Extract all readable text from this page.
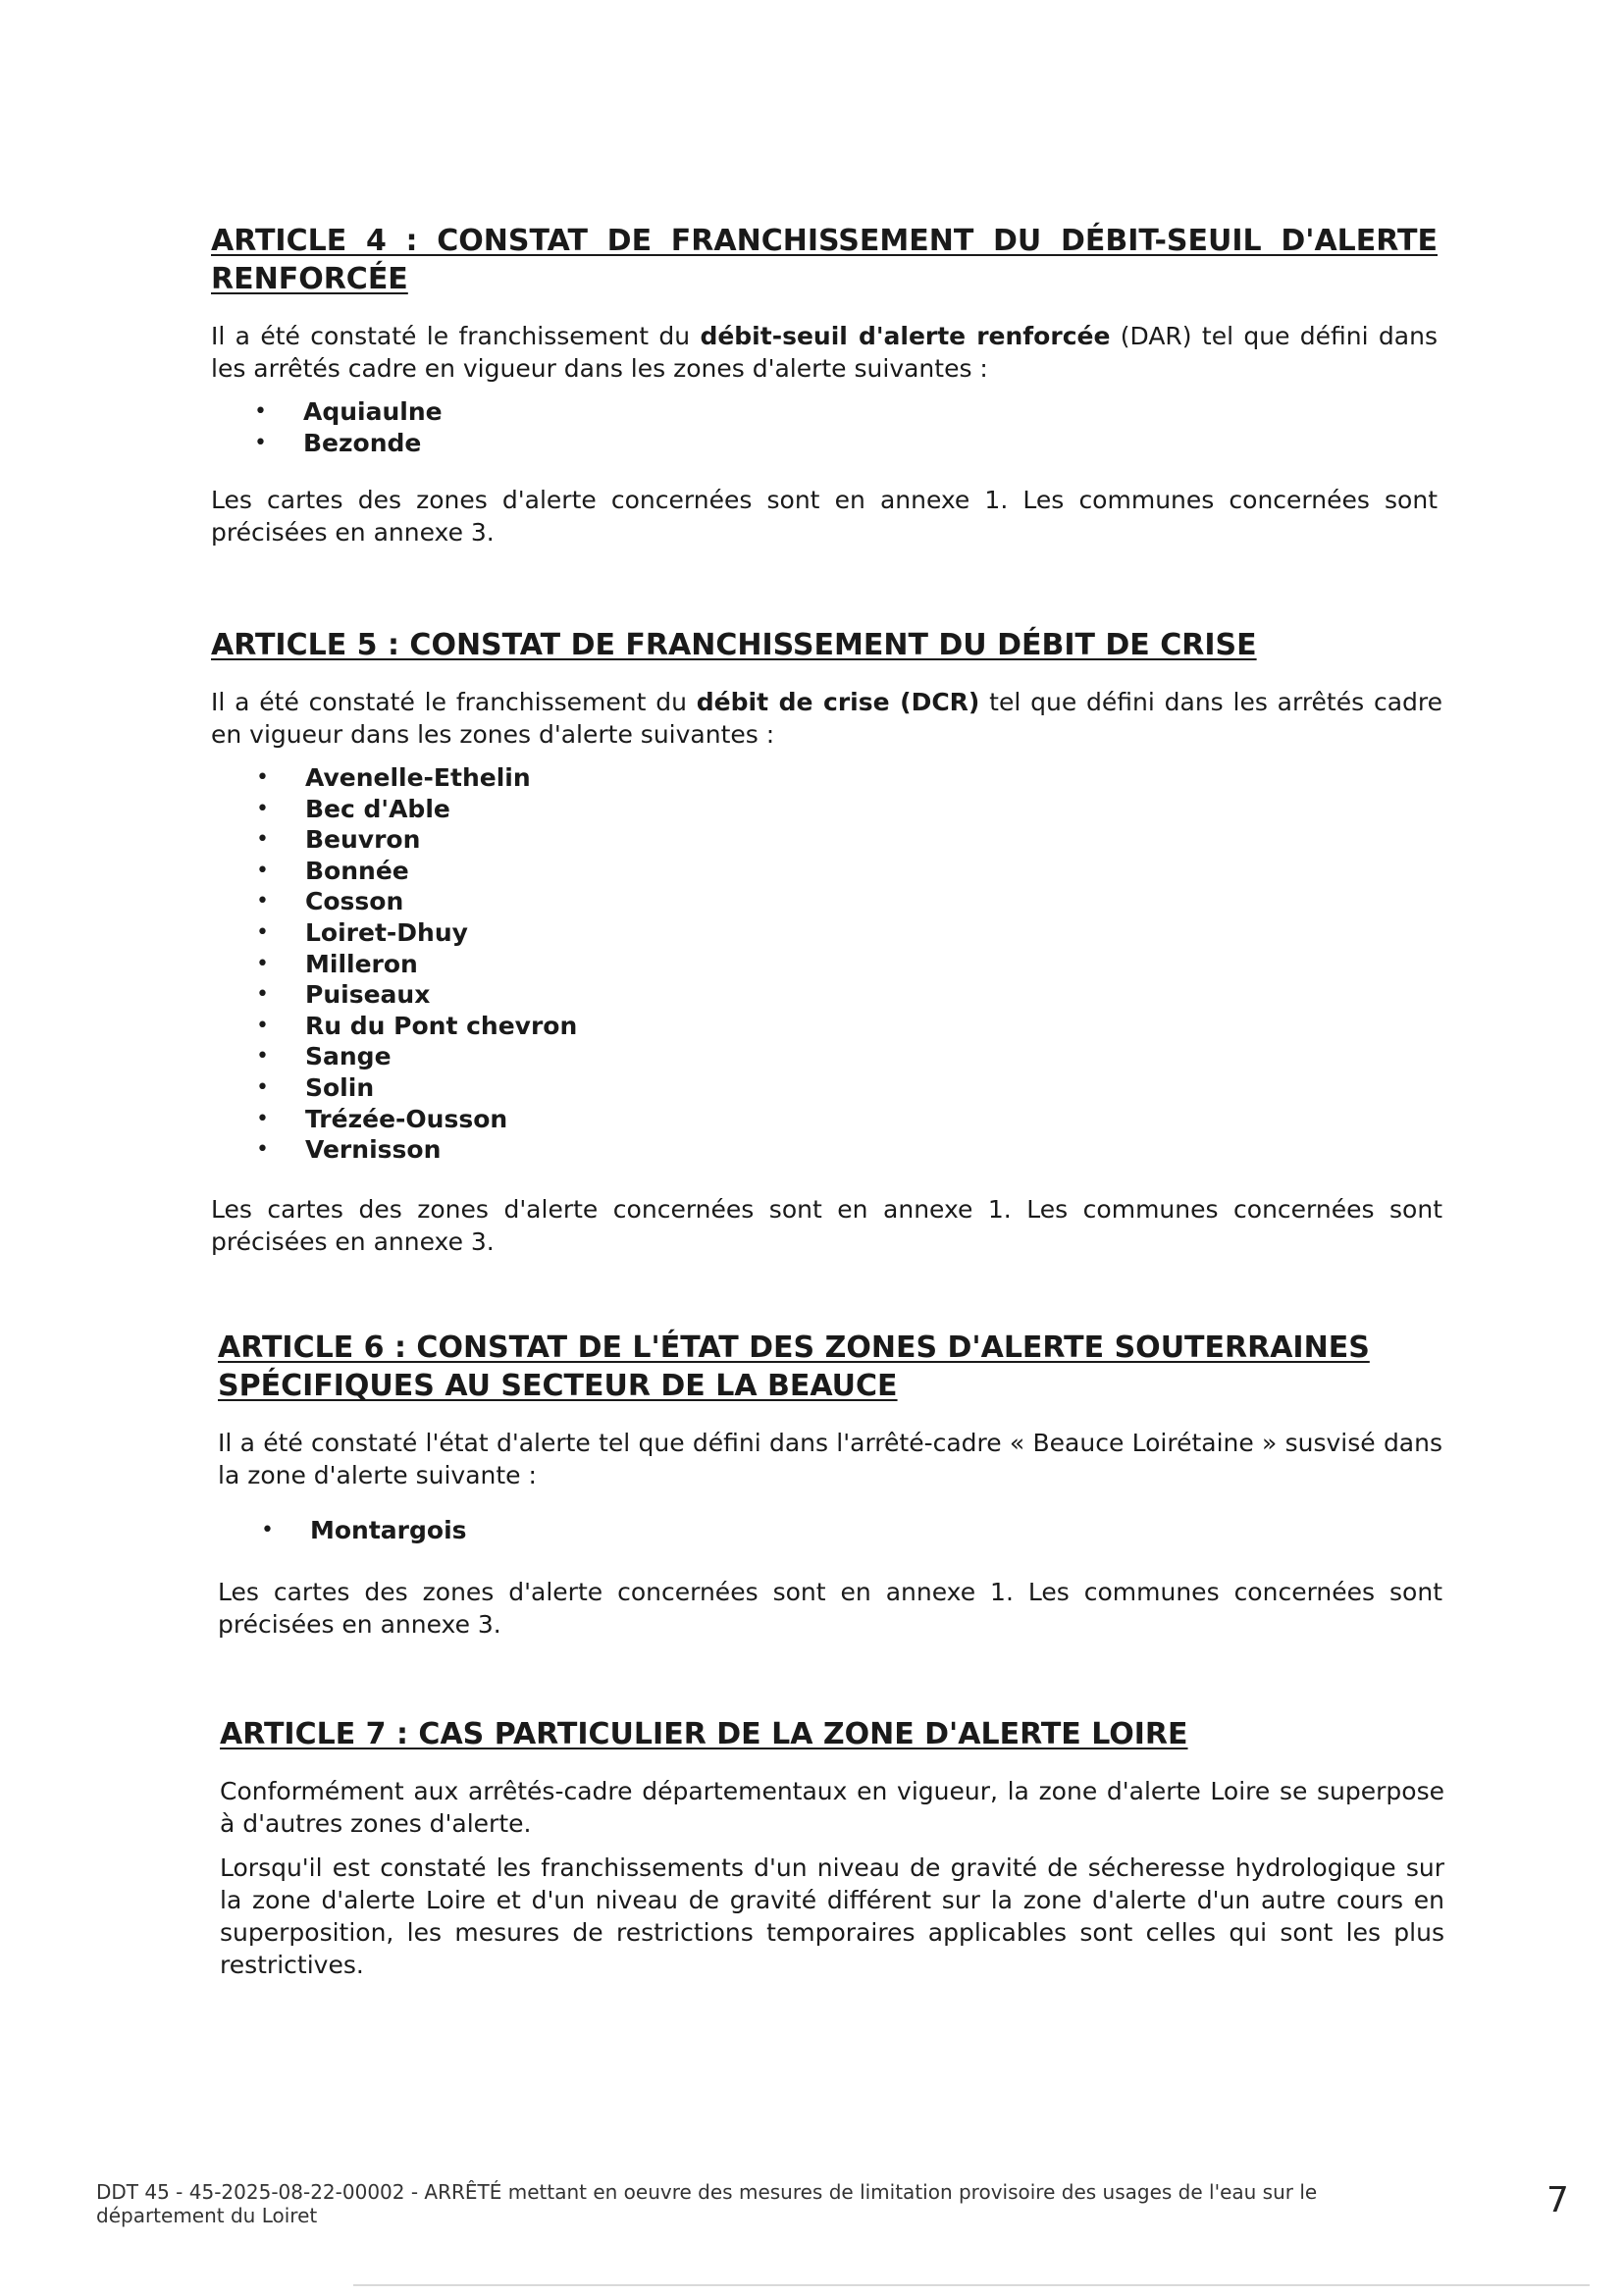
ARTICLE 4 : CONSTAT DE FRANCHISSEMENT DU DÉBIT-SEUIL D'ALERTE
RENFORCÉE

Il a été constaté le franchissement du débit-seuil d'alerte renforcée (DAR) tel que défini dans les arrêtés cadre en vigueur dans les zones d'alerte suivantes :

• Aquiaulne
• Bezonde

Les cartes des zones d'alerte concernées sont en annexe 1. Les communes concernées sont précisées en annexe 3.

ARTICLE 5 : CONSTAT DE FRANCHISSEMENT DU DÉBIT DE CRISE

Il a été constaté le franchissement du débit de crise (DCR) tel que défini dans les arrêtés cadre en vigueur dans les zones d'alerte suivantes :

• Avenelle-Ethelin
• Bec d'Able
• Beuvron
• Bonnée
• Cosson
• Loiret-Dhuy
• Milleron
• Puiseaux
• Ru du Pont chevron
• Sange
• Solin
• Trézée-Ousson
• Vernisson

Les cartes des zones d'alerte concernées sont en annexe 1. Les communes concernées sont précisées en annexe 3.

ARTICLE 6 : CONSTAT DE L'ÉTAT DES ZONES D'ALERTE SOUTERRAINES
SPÉCIFIQUES AU SECTEUR DE LA BEAUCE

Il a été constaté l'état d'alerte tel que défini dans l'arrêté-cadre « Beauce Loirétaine » susvisé dans la zone d'alerte suivante :

• Montargois

Les cartes des zones d'alerte concernées sont en annexe 1. Les communes concernées sont précisées en annexe 3.

ARTICLE 7 : CAS PARTICULIER DE LA ZONE D'ALERTE LOIRE

Conformément aux arrêtés-cadre départementaux en vigueur, la zone d'alerte Loire se superpose à d'autres zones d'alerte.

Lorsqu'il est constaté les franchissements d'un niveau de gravité de sécheresse hydrologique sur la zone d'alerte Loire et d'un niveau de gravité différent sur la zone d'alerte d'un autre cours en superposition, les mesures de restrictions temporaires applicables sont celles qui sont les plus restrictives.

DDT 45 - 45-2025-08-22-00002 - ARRÊTÉ mettant en oeuvre des mesures de limitation provisoire des usages de l'eau sur le département du Loiret	7
